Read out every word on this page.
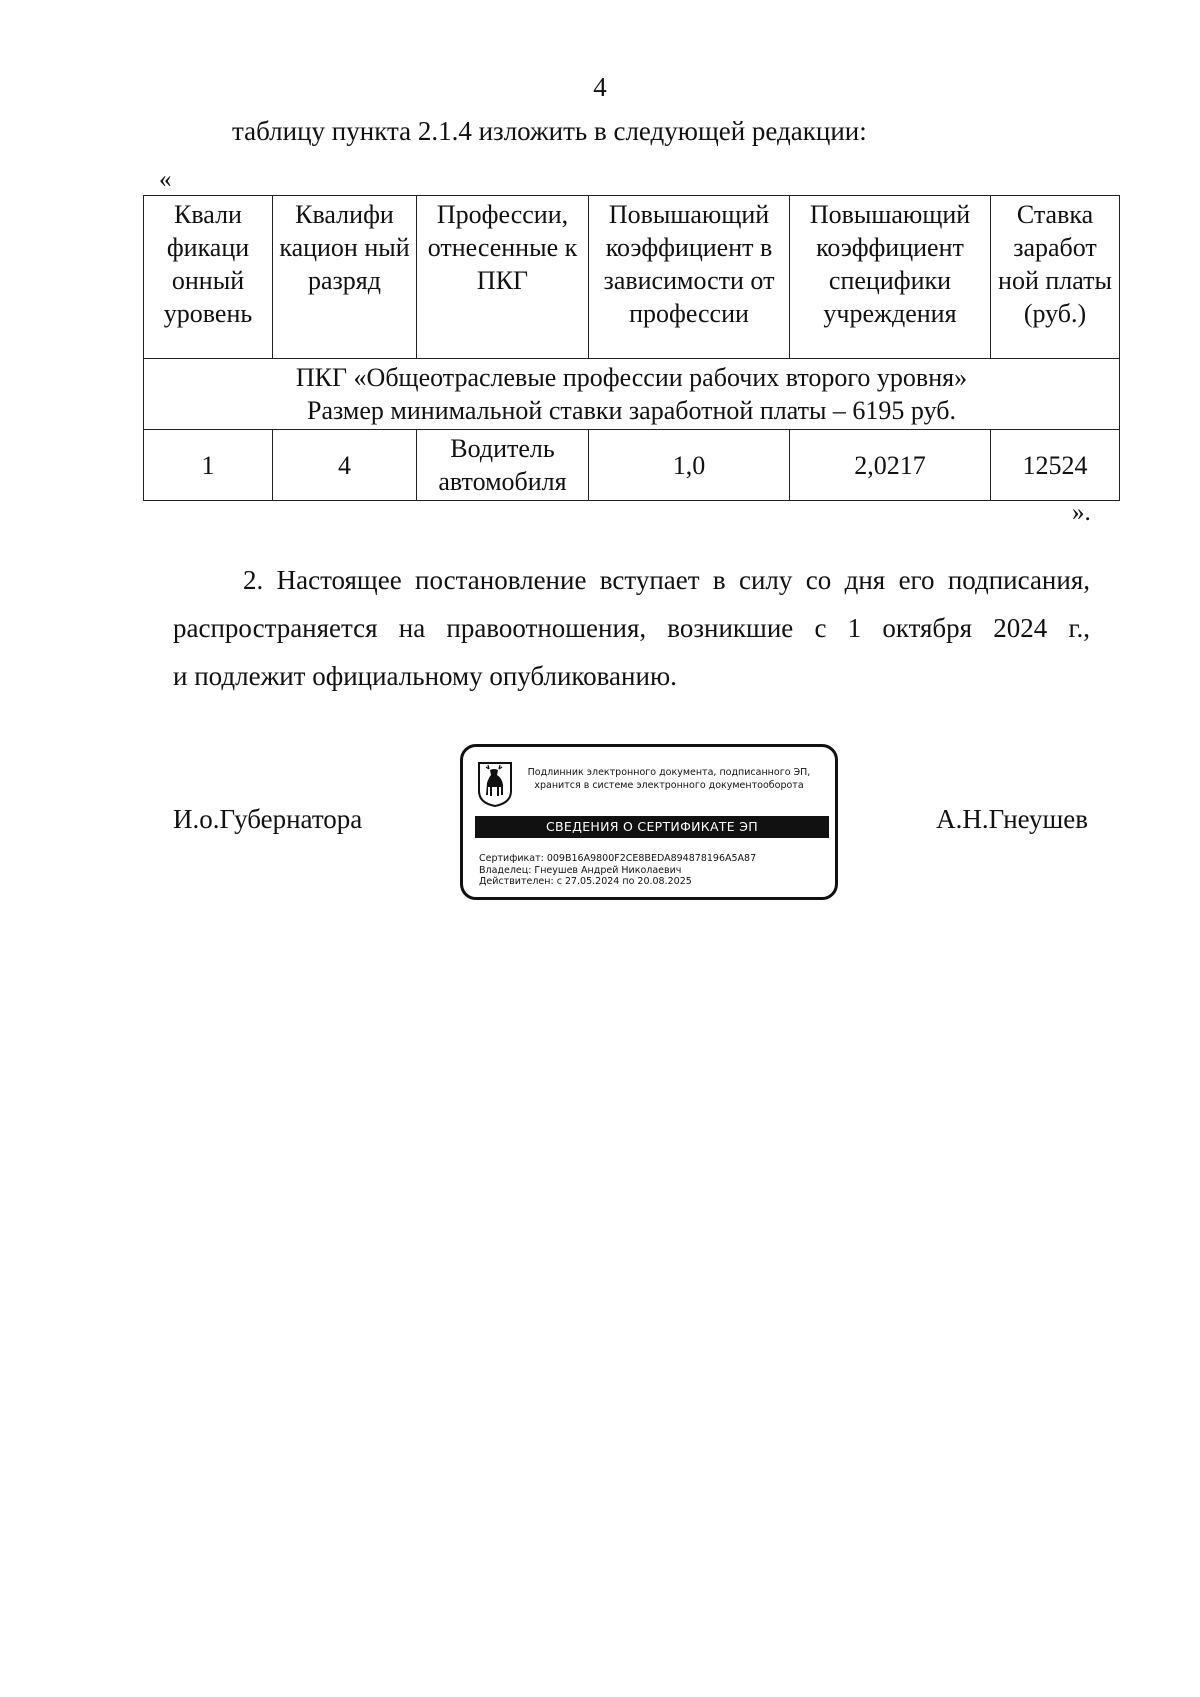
4
таблицу пункта 2.1.4 изложить в следующей редакции:
«
Квали фикаци онный уровень	Квалифи кацион ный разряд	Профессии, отнесенные к ПКГ	Повышающий коэффициент в зависимости от профессии	Повышающий коэффициент специфики учреждения	Ставка заработ ной платы (руб.)

ПКГ «Общеотраслевые профессии рабочих второго уровня»
Размер минимальной ставки заработной платы – 6195 руб.					

1	4	Водитель автомобиля	1,0	2,0217	12524
».

2. Настоящее постановление вступает в силу со дня его подписания,

распространяется на правоотношения, возникшие с 1 октября 2024 г.,

и подлежит официальному опубликованию.

И.о.Губернатора
Подлинник электронного документа, подписанного ЭП,
хранится в системе электронного документооборота
СВЕДЕНИЯ О СЕРТИФИКАТЕ ЭП
Сертификат: 009B16A9800F2CE8BEDA894878196A5A87
Владелец: Гнеушев Андрей Николаевич
Действителен: с 27.05.2024 по 20.08.2025
А.Н.Гнеушев
